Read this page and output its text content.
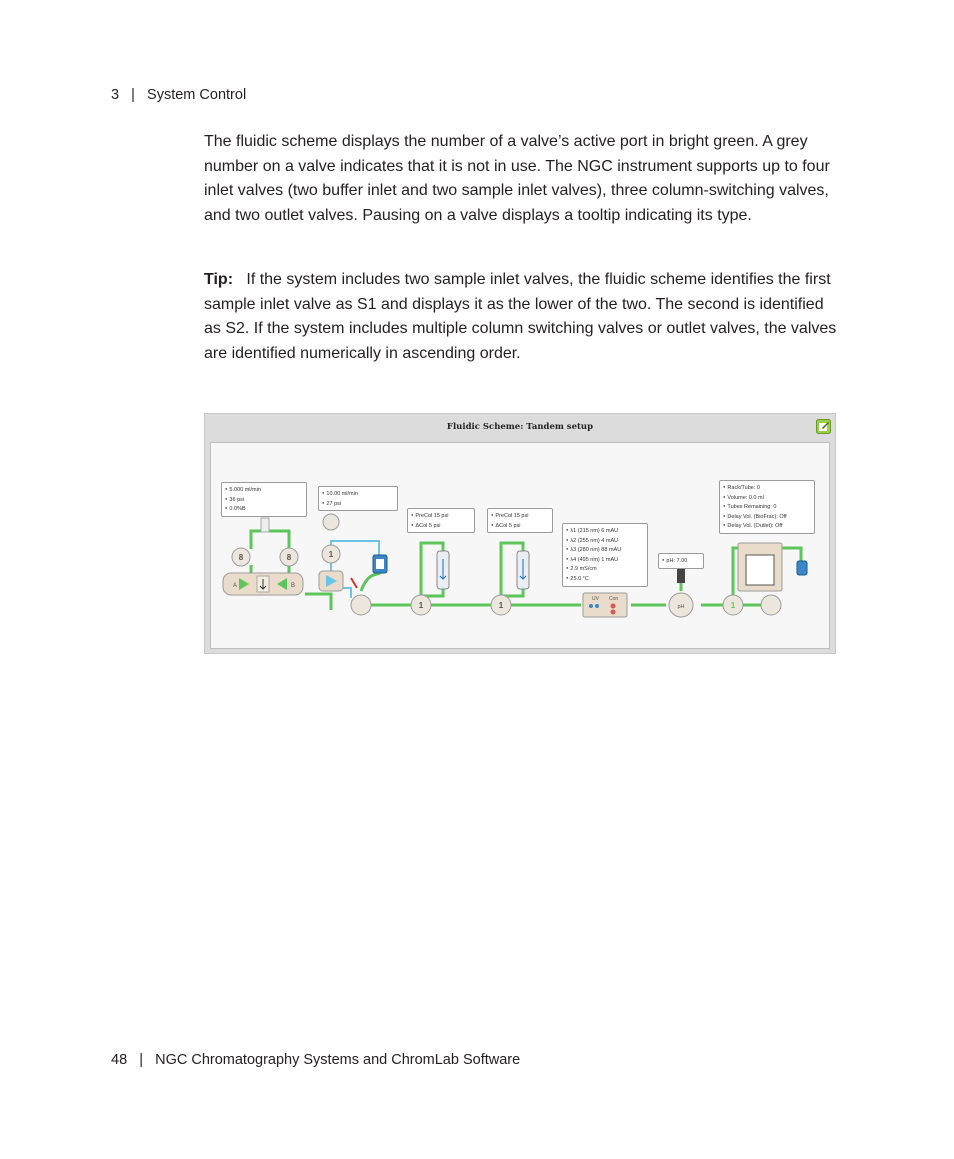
3 | System Control

The fluidic scheme displays the number of a valve’s active port in bright green. A grey number on a valve indicates that it is not in use. The NGC instrument supports up to four inlet valves (two buffer inlet and two sample inlet valves), three column-switching valves, and two outlet valves. Pausing on a valve displays a tooltip indicating its type.

Tip: If the system includes two sample inlet valves, the fluidic scheme identifies the first sample inlet valve as S1 and displays it as the lower of the two. The second is identified as S2. If the system includes multiple column switching valves or outlet valves, the valves are identified numerically in ascending order.

Fluidic Scheme: Tandem setup
8	8
A	B
1
1	1
UV Con
pH	1
● 5.000 ml/min
● 36 psi
● 0.0%B
● 10.00 ml/min
● 27 psi
● PreCol 15 psi
● ΔCol 5 psi
● PreCol 15 psi
● ΔCol 5 psi
● λ1 (215 nm) 6 mAU
● λ2 (255 nm) 4 mAU
● λ3 (280 nm) 88 mAU
● λ4 (495 nm) 1 mAU
● 2.9 mS/cm
● 25.0 °C
● pH: 7.00
● Rack/Tube: 0
● Volume: 0.0 ml
● Tubes Remaining: 0
● Delay Vol. (BioFrac): Off
● Delay Vol. (Outlet): Off
48 | NGC Chromatography Systems and ChromLab Software
